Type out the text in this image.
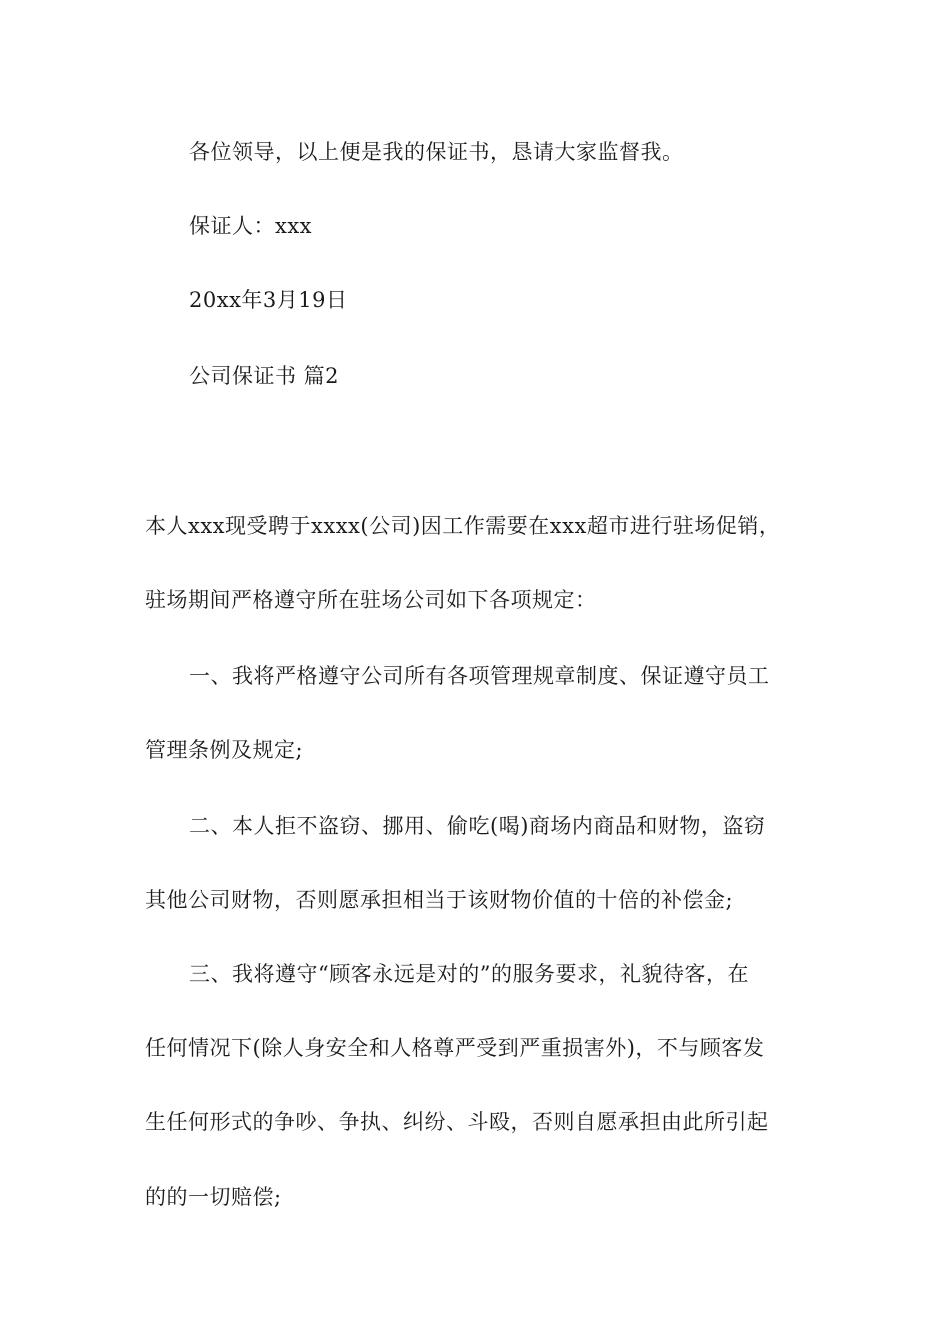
各位领导，以上便是我的保证书，恳请大家监督我。
保证人：xxx
20xx年3月19日
公司保证书 篇2
本人xxx现受聘于xxxx(公司)因工作需要在xxx超市进行驻场促销，
驻场期间严格遵守所在驻场公司如下各项规定：
一、我将严格遵守公司所有各项管理规章制度、保证遵守员工
管理条例及规定;
二、本人拒不盗窃、挪用、偷吃(喝)商场内商品和财物，盗窃
其他公司财物，否则愿承担相当于该财物价值的十倍的补偿金;
三、我将遵守“顾客永远是对的”的服务要求，礼貌待客，在
任何情况下(除人身安全和人格尊严受到严重损害外)，不与顾客发
生任何形式的争吵、争执、纠纷、斗殴，否则自愿承担由此所引起
的的一切赔偿;
